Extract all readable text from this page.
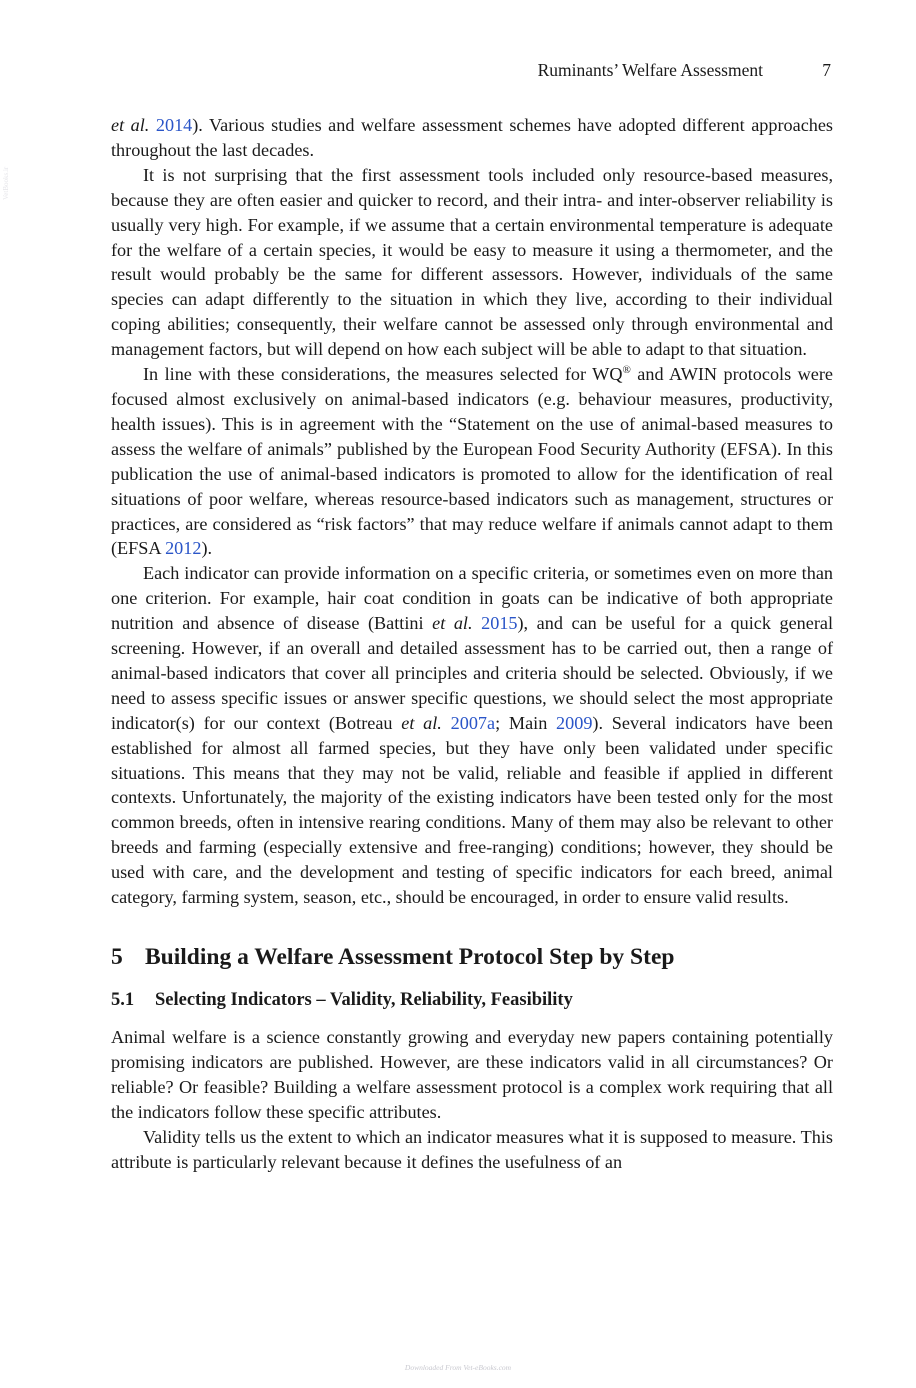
VetBooks.ir
Ruminants’ Welfare Assessment	7

et al. 2014). Various studies and welfare assessment schemes have adopted different approaches throughout the last decades.

It is not surprising that the first assessment tools included only resource-based measures, because they are often easier and quicker to record, and their intra- and inter-observer reliability is usually very high. For example, if we assume that a certain environmental temperature is adequate for the welfare of a certain species, it would be easy to measure it using a thermometer, and the result would probably be the same for different assessors. However, individuals of the same species can adapt differently to the situation in which they live, according to their individual coping abilities; consequently, their welfare cannot be assessed only through environmental and management factors, but will depend on how each subject will be able to adapt to that situation.

In line with these considerations, the measures selected for WQ® and AWIN protocols were focused almost exclusively on animal-based indicators (e.g. behaviour measures, productivity, health issues). This is in agreement with the “Statement on the use of animal-based measures to assess the welfare of animals” published by the European Food Security Authority (EFSA). In this publication the use of animal-based indicators is promoted to allow for the identification of real situations of poor welfare, whereas resource-based indicators such as management, structures or practices, are considered as “risk factors” that may reduce welfare if animals cannot adapt to them (EFSA 2012).

Each indicator can provide information on a specific criteria, or sometimes even on more than one criterion. For example, hair coat condition in goats can be indicative of both appropriate nutrition and absence of disease (Battini et al. 2015), and can be useful for a quick general screening. However, if an overall and detailed assessment has to be carried out, then a range of animal-based indicators that cover all principles and criteria should be selected. Obviously, if we need to assess specific issues or answer specific questions, we should select the most appropriate indicator(s) for our context (Botreau et al. 2007a; Main 2009). Several indicators have been established for almost all farmed species, but they have only been validated under specific situations. This means that they may not be valid, reliable and feasible if applied in different contexts. Unfortunately, the majority of the existing indicators have been tested only for the most common breeds, often in intensive rearing conditions. Many of them may also be relevant to other breeds and farming (especially extensive and free-ranging) conditions; however, they should be used with care, and the development and testing of specific indicators for each breed, animal category, farming system, season, etc., should be encouraged, in order to ensure valid results.

5 Building a Welfare Assessment Protocol Step by Step
5.1 Selecting Indicators – Validity, Reliability, Feasibility

Animal welfare is a science constantly growing and everyday new papers containing potentially promising indicators are published. However, are these indicators valid in all circumstances? Or reliable? Or feasible? Building a welfare assessment protocol is a complex work requiring that all the indicators follow these specific attributes.

Validity tells us the extent to which an indicator measures what it is supposed to measure. This attribute is particularly relevant because it defines the usefulness of an

Downloaded From Vet-eBooks.com
